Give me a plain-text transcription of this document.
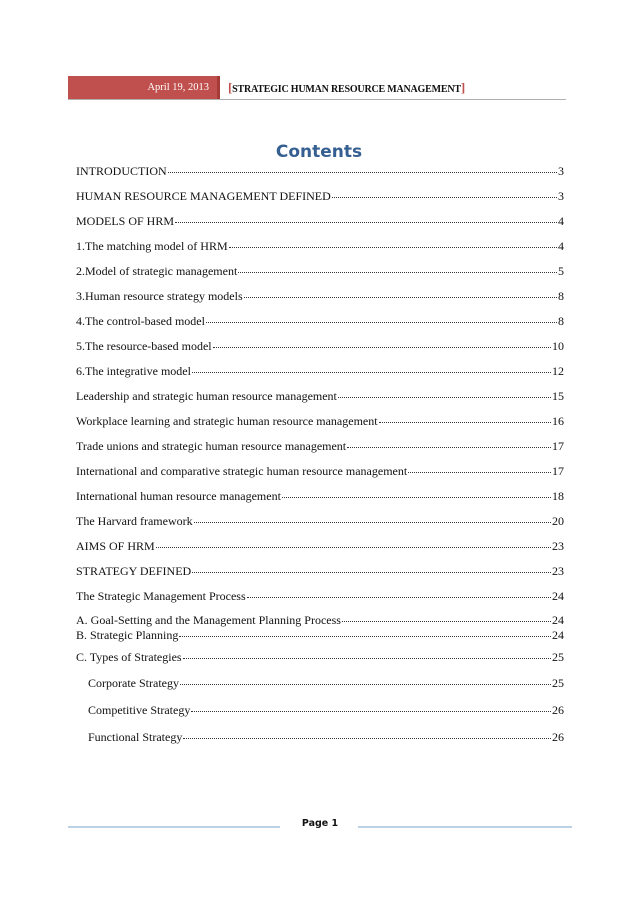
April 19, 2013	[STRATEGIC HUMAN RESOURCE MANAGEMENT]
Contents
INTRODUCTION	3
HUMAN RESOURCE MANAGEMENT DEFINED	3
MODELS OF HRM	4
1.The matching model of HRM	4
2.Model of strategic management	5
3.Human resource strategy models	8
4.The control-based model	8
5.The resource-based model	10
6.The integrative model	12
Leadership and strategic human resource management	15
Workplace learning and strategic human resource management	16
Trade unions and strategic human resource management	17
International and comparative strategic human resource management	17
International human resource management	18
The Harvard framework	20
AIMS OF HRM	23
STRATEGY DEFINED	23
The Strategic Management Process	24
A. Goal-Setting and the Management Planning Process	24
B. Strategic Planning	24
C. Types of Strategies	25
Corporate Strategy	25
Competitive Strategy	26
Functional Strategy	26
Page 1
